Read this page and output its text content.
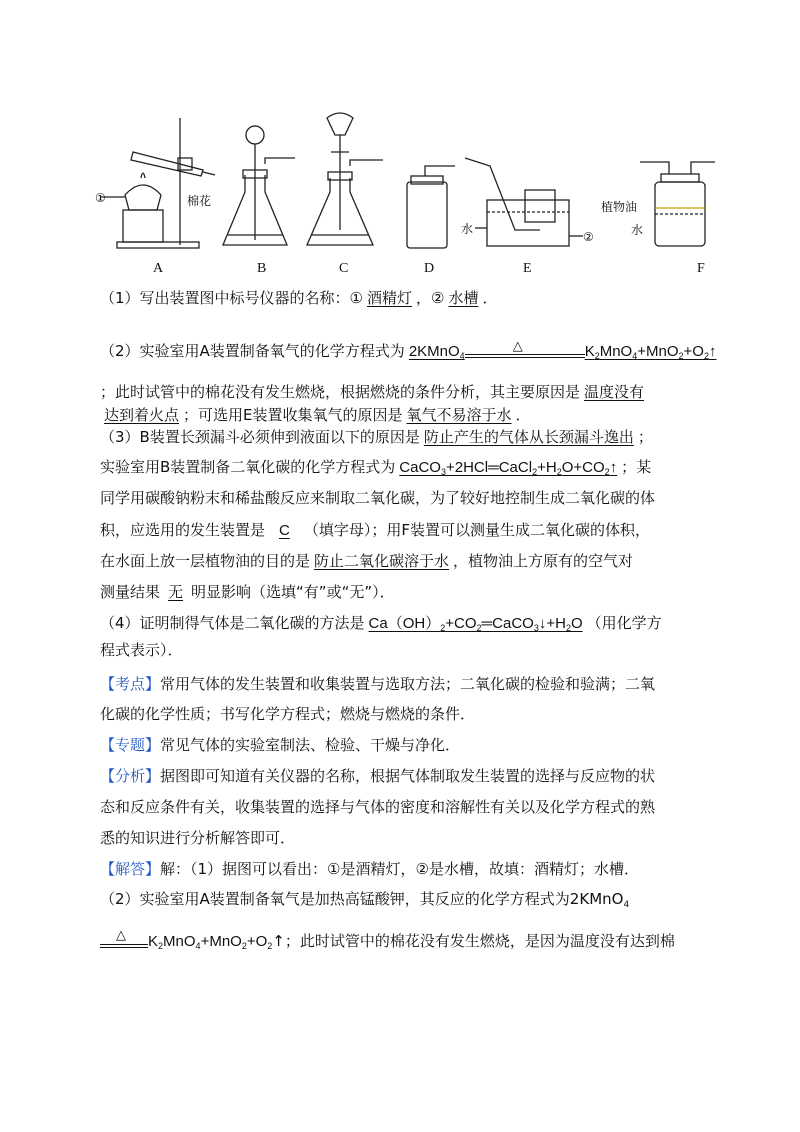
A	B	C	D	E	F
①	棉花
水
②
植物油
水
（1）写出装置图中标号仪器的名称：① 酒精灯 ，② 水槽 ．
（2）实验室用A装置制备氧气的化学方程式为 2KMnO$_4$
△	$K_2MnO_4+MnO_2+O_2↑$
；此时试管中的棉花没有发生燃烧，根据燃烧的条件分析，其主要原因是 温度没有
达到着火点 ；可选用E装置收集氧气的原因是 氧气不易溶于水 ．
（3）B装置长颈漏斗必须伸到液面以下的原因是 防止产生的气体从长颈漏斗逸出 ；
实验室用B装置制备二氧化碳的化学方程式为 $CaCO_3+2HCl═CaCl_2+H_2O+CO_2↑$ ；某
同学用碳酸钠粉末和稀盐酸反应来制取二氧化碳，为了较好地控制生成二氧化碳的体
积，应选用的发生装置是 C （填字母）；用F装置可以测量生成二氧化碳的体积，
在水面上放一层植物油的目的是 防止二氧化碳溶于水 ，植物油上方原有的空气对
测量结果 无 明显影响（选填“有”或“无”）．
（4）证明制得气体是二氧化碳的方法是 $Ca(OH)_2+CO_2═CaCO_3↓+H_2O$ （用化学方
程式表示）．
【考点】常用气体的发生装置和收集装置与选取方法；二氧化碳的检验和验满；二氧
化碳的化学性质；书写化学方程式；燃烧与燃烧的条件．
【专题】常见气体的实验室制法、检验、干燥与净化．
【分析】据图即可知道有关仪器的名称，根据气体制取发生装置的选择与反应物的状
态和反应条件有关，收集装置的选择与气体的密度和溶解性有关以及化学方程式的熟
悉的知识进行分析解答即可．
【解答】解：（1）据图可以看出：①是酒精灯，②是水槽，故填：酒精灯；水槽．
（2）实验室用A装置制备氧气是加热高锰酸钾，其反应的化学方程式为2KMnO$_4$
△ $K_2MnO_4+MnO_2+O_2↑$；此时试管中的棉花没有发生燃烧，是因为温度没有达到棉
